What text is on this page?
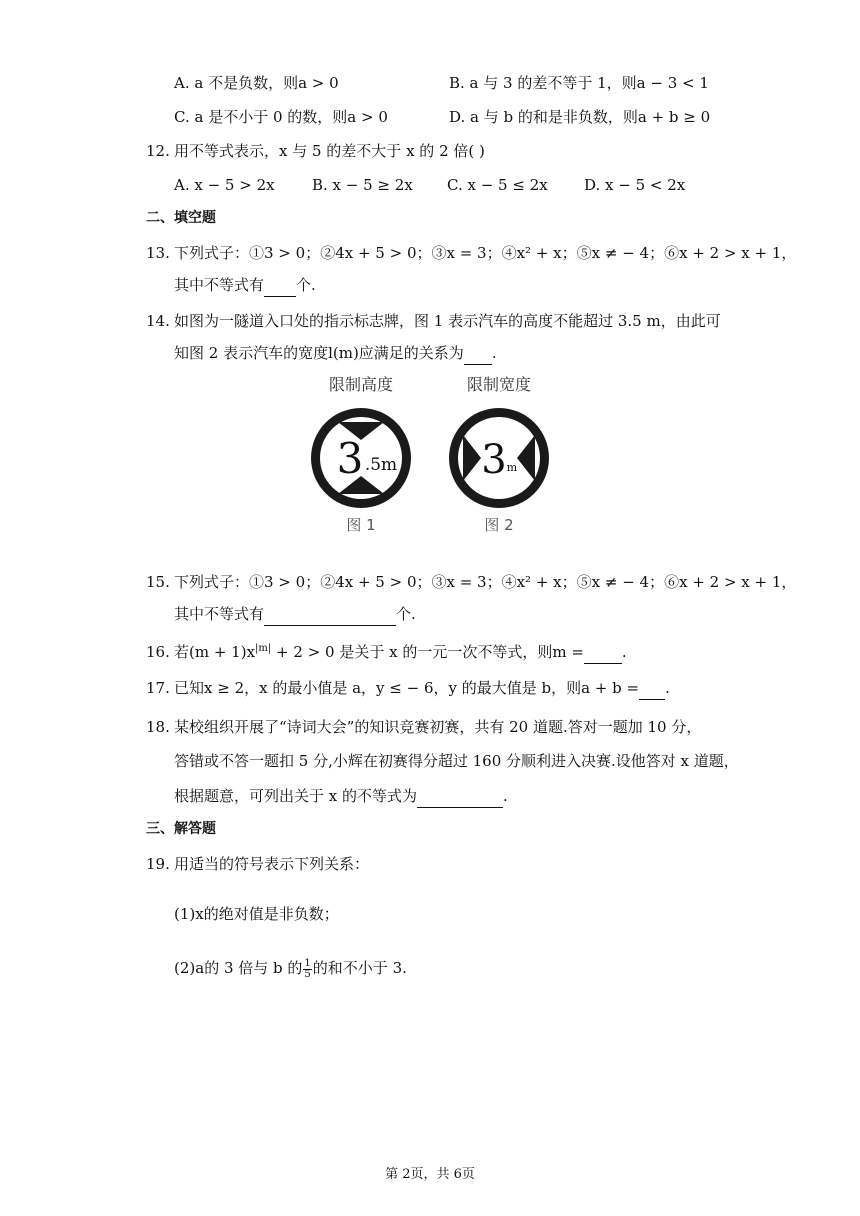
A. a 不是负数，则a > 0	B. a 与 3 的差不等于 1，则a − 3 < 1
C. a 是不小于 0 的数，则a > 0	D. a 与 b 的和是非负数，则a + b ≥ 0
12. 用不等式表示，x 与 5 的差不大于 x 的 2 倍( )
A. x − 5 > 2x B. x − 5 ≥ 2x C. x − 5 ≤ 2x D. x − 5 < 2x
二、填空题
13. 下列式子：①3 > 0；②4x + 5 > 0；③x = 3；④x² + x；⑤x ≠ − 4；⑥x + 2 > x + 1，
其中不等式有 个.
14. 如图为一隧道入口处的指示标志牌，图 1 表示汽车的高度不能超过 3.5 m，由此可
知图 2 表示汽车的宽度l(m)应满足的关系为 .
限制高度
3 .5m
图 1
限制宽度
3 m
图 2
15. 下列式子：①3 > 0；②4x + 5 > 0；③x = 3；④x² + x；⑤x ≠ − 4；⑥x + 2 > x + 1，
其中不等式有	个.
16. 若$(m + 1)x^{|m|} + 2 > 0$ 是关于 x 的一元一次不等式，则m =	.
17. 已知x ≥ 2，x 的最小值是 a，y ≤ − 6，y 的最大值是 b，则a + b = .
18. 某校组织开展了“诗词大会”的知识竞赛初赛，共有 20 道题.答对一题加 10 分，
答错或不答一题扣 5 分,小辉在初赛得分超过 160 分顺利进入决赛.设他答对 x 道题，
根据题意，可列出关于 x 的不等式为	.
三、解答题
19. 用适当的符号表示下列关系：
(1)x的绝对值是非负数；
(2)a的 3 倍与 b 的 $\frac{1}{5}$ 的和不小于 3.
第 2页，共 6页
